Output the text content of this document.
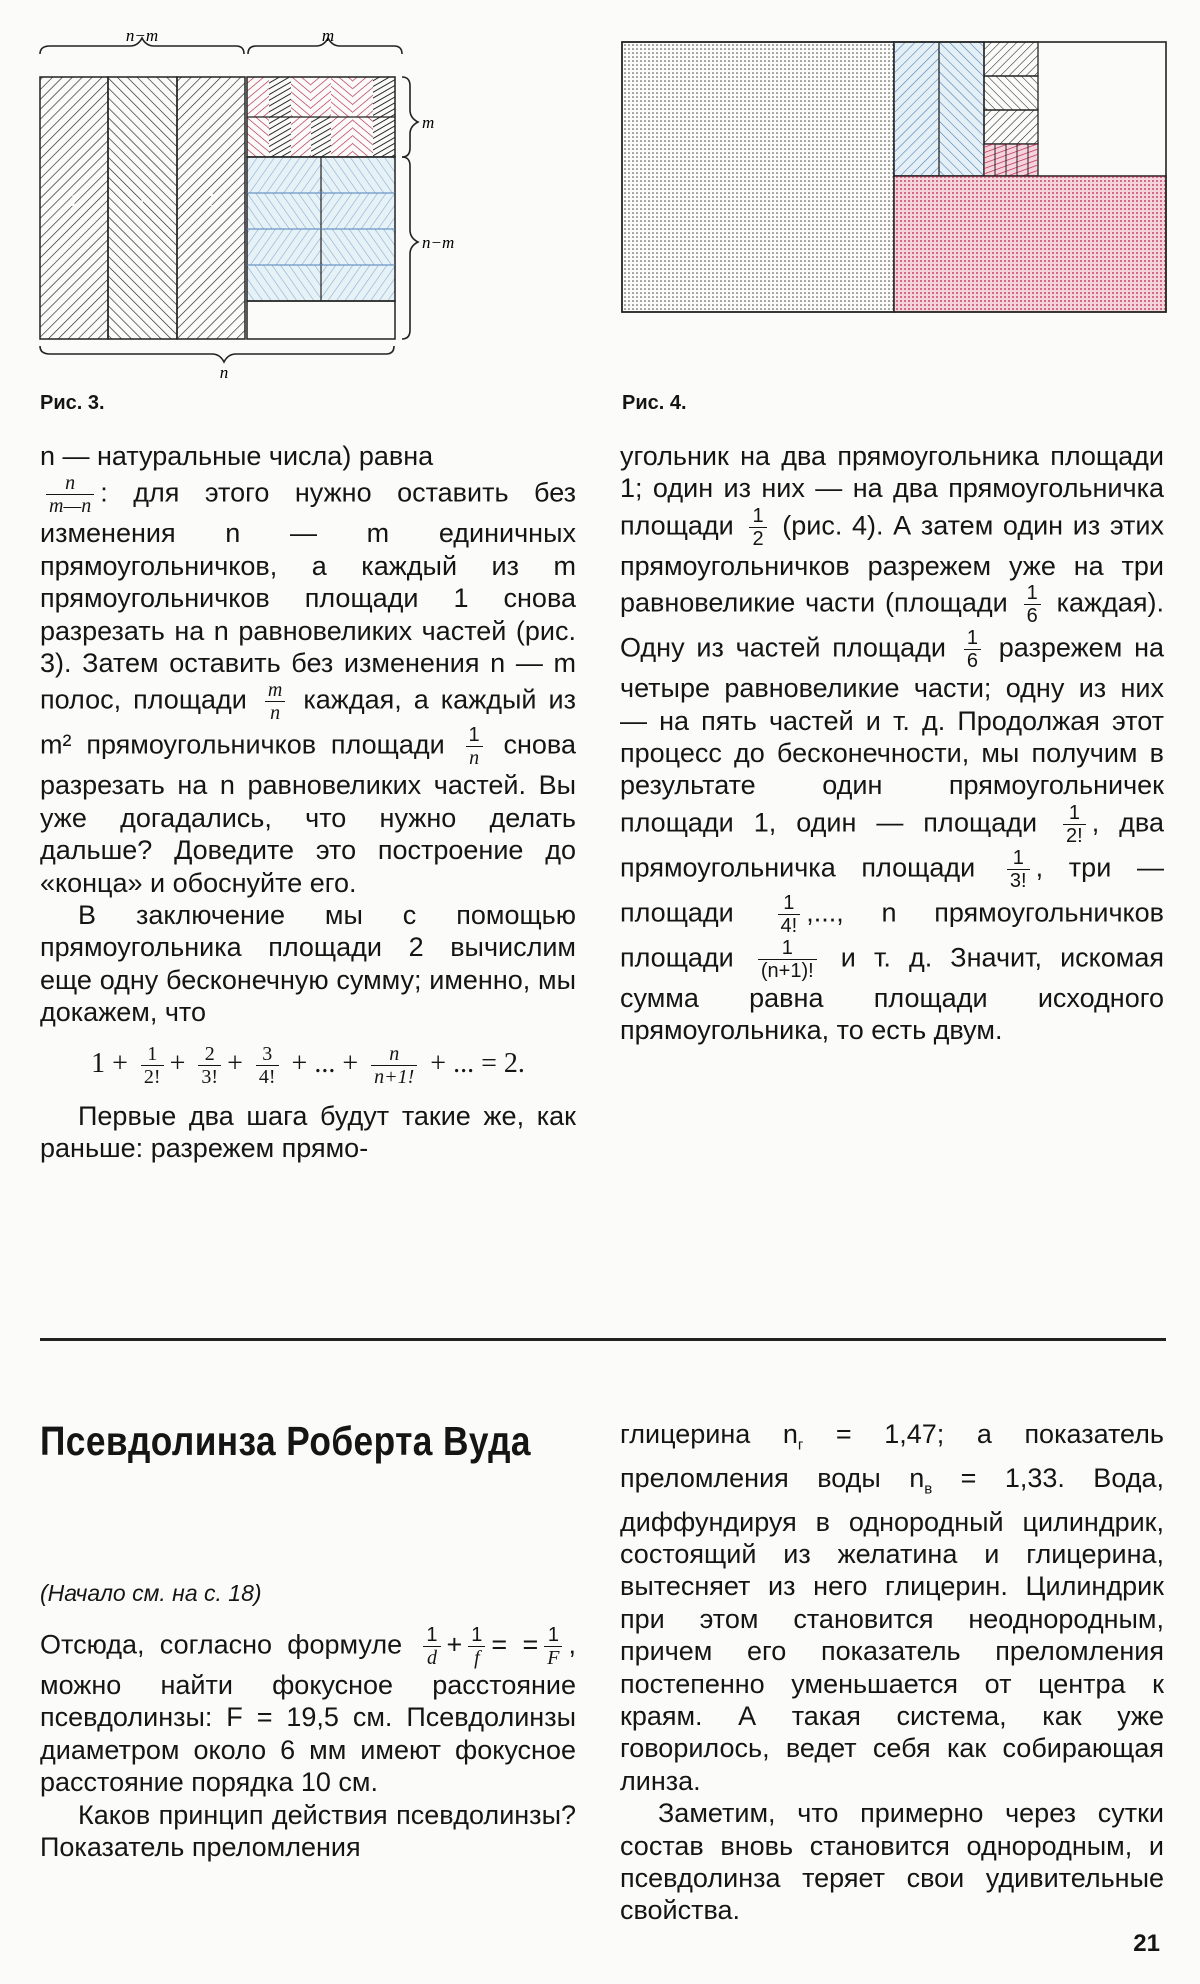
n−m	m
1	1	1
m
n−m
n
Рис. 3.	Рис. 4.

n — натуральные числа) равна

$\frac{n}{m—n}$ : для этого нужно оставить без изменения n — m единичных прямоугольничков, а каждый из m прямоугольничков площади 1 снова разрезать на n равновеликих частей (рис. 3). Затем оставить без изменения n — m полос, площади $\frac{m}{n}$ каждая, а каждый из m² прямоугольничков площади $\frac{1}{n}$ снова разрезать на n равновеликих частей. Вы уже догадались, что нужно делать дальше? Доведите это построение до «конца» и обоснуйте его.

В заключение мы с помощью прямоугольника площади 2 вычислим еще одну бесконечную сумму; именно, мы докажем, что

$1 + \frac{1}{2!} + \frac{2}{3!} + \frac{3}{4!}$ + ... + $\frac{n}{n+1!}$ + ... = 2.

Первые два шага будут такие же, как раньше: разрежем прямо-

угольник на два прямоугольника площади 1; один из них — на два прямоугольничка площади $\frac{1}{2} (рис$. 4). А затем один из этих прямоугольничков разрежем уже на три равновеликие части (площади $\frac{1}{6}$ каждая). Одну из частей площади $\frac{1}{6}$ разрежем на четыре равновеликие части; одну из них — на пять частей и т. д. Продолжая этот процесс до бесконечности, мы получим в результате один прямоугольничек площади 1, один — площади $\frac{1}{2!}$ , два прямоугольничка площади $\frac{1}{3!}$ , три — площади $\frac{1}{4!}$ ,..., n прямоугольничков площади $\frac{1}{(n+1)!}$ и т. д. Значит, искомая сумма равна площади исходного прямоугольника, то есть двум.

Псевдолинза Роберта Вуда
(Начало см. на с. 18)

Отсюда, согласно формуле $\frac{1}{d} + \frac{1}{f}$ = = $\frac{1}{F}$ , можно найти фокусное расстояние псевдолинзы: F = 19,5 см. Псевдолинзы диаметром около 6 мм имеют фокусное расстояние порядка 10 см.

Каков принцип действия псевдолинзы? Показатель преломления

глицерина $n_г = 1,47$; а показатель преломления воды $n_в = 1,33$. Вода, диффундируя в однородный цилиндрик, состоящий из желатина и глицерина, вытесняет из него глицерин. Цилиндрик при этом становится неоднородным, причем его показатель преломления постепенно уменьшается от центра к краям. А такая система, как уже говорилось, ведет себя как собирающая линза.

Заметим, что примерно через сутки состав вновь становится однородным, и псевдолинза теряет свои удивительные свойства.

21
